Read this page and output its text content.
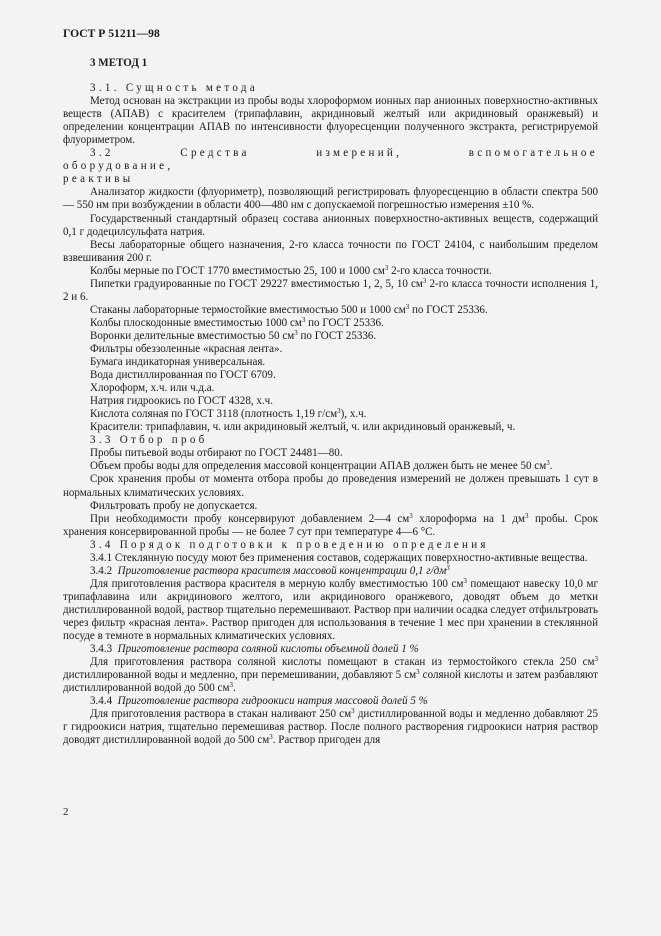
ГОСТ Р 51211—98

3 МЕТОД 1

3.1. Сущность метода

Метод основан на экстракции из пробы воды хлороформом ионных пар анионных поверхностно-активных веществ (АПАВ) с красителем (трипафлавин, акридиновый желтый или акридиновый оранжевый) и определении концентрации АПАВ по интенсивности флуоресценции полученного экстракта, регистрируемой флуориметром.

3.2 Средства измерений, вспомогательное оборудование,

реактивы

Анализатор жидкости (флуориметр), позволяющий регистрировать флуоресценцию в области спектра 500 — 550 нм при возбуждении в области 400—480 нм с допускаемой погрешностью измерения ±10 %.

Государственный стандартный образец состава анионных поверхностно-активных веществ, содержащий 0,1 г додецилсульфата натрия.

Весы лабораторные общего назначения, 2-го класса точности по ГОСТ 24104, с наибольшим пределом взвешивания 200 г.

Колбы мерные по ГОСТ 1770 вместимостью 25, 100 и 1000 $см^3$ 2-го класса точности.

Пипетки градуированные по ГОСТ 29227 вместимостью 1, 2, 5, 10 $см^3$ 2-го класса точности исполнения 1, 2 и 6.

Стаканы лабораторные термостойкие вместимостью 500 и 1000 $см^3$ по ГОСТ 25336.

Колбы плоскодонные вместимостью 1000 $см^3$ по ГОСТ 25336.

Воронки делительные вместимостью 50 $см^3$ по ГОСТ 25336.

Фильтры обеззоленные «красная лента».

Бумага индикаторная универсальная.

Вода дистиллированная по ГОСТ 6709.

Хлороформ, х.ч. или ч.д.а.

Натрия гидроокись по ГОСТ 4328, х.ч.

Кислота соляная по ГОСТ 3118 (плотность 1,19 $г/см^3$), х.ч.

Красители: трипафлавин, ч. или акридиновый желтый, ч. или акридиновый оранжевый, ч.

3.3 Отбор проб

Пробы питьевой воды отбирают по ГОСТ 24481—80.

Объем пробы воды для определения массовой концентрации АПАВ должен быть не менее 50 $см^3$.

Срок хранения пробы от момента отбора пробы до проведения измерений не должен превышать 1 сут в нормальных климатических условиях.

Фильтровать пробу не допускается.

При необходимости пробу консервируют добавлением 2—4 $см^3$ хлороформа на 1 $дм^3$ пробы. Срок хранения консервированной пробы — не более 7 сут при температуре 4—6 °С.

3.4 Порядок подготовки к проведению определения

3.4.1 Стеклянную посуду моют без применения составов, содержащих поверхностно-активные вещества.

3.4.2 Приготовление раствора красителя массовой концентрации 0,1 $г/дм^3$

Для приготовления раствора красителя в мерную колбу вместимостью 100 $см^3$ помещают навеску 10,0 мг трипафлавина или акридинового желтого, или акридинового оранжевого, доводят объем до метки дистиллированной водой, раствор тщательно перемешивают. Раствор при наличии осадка следует отфильтровать через фильтр «красная лента». Раствор пригоден для использования в течение 1 мес при хранении в стеклянной посуде в темноте в нормальных климатических условиях.

3.4.3 Приготовление раствора соляной кислоты объемной долей 1 %

Для приготовления раствора соляной кислоты помещают в стакан из термостойкого стекла 250 $см^3$ дистиллированной воды и медленно, при перемешивании, добавляют 5 $см^3$ соляной кислоты и затем разбавляют дистиллированной водой до 500 $см^3$.

3.4.4 Приготовление раствора гидроокиси натрия массовой долей 5 %

Для приготовления раствора в стакан наливают 250 $см^3$ дистиллированной воды и медленно добавляют 25 г гидроокиси натрия, тщательно перемешивая раствор. После полного растворения гидроокиси натрия раствор доводят дистиллированной водой до 500 $см^3$. Раствор пригоден для

2
